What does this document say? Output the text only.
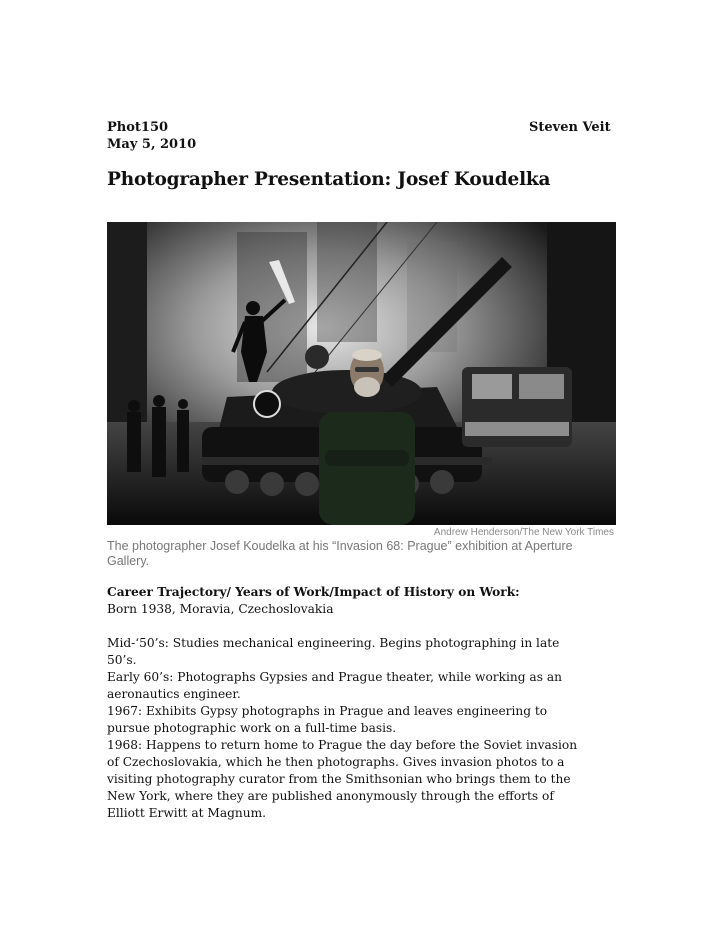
Phot150
May 5, 2010
Steven Veit
Photographer Presentation: Josef Koudelka
Andrew Henderson/The New York Times
The photographer Josef Koudelka at his “Invasion 68: Prague” exhibition at Aperture Gallery.
Career Trajectory/ Years of Work/Impact of History on Work:
Born 1938, Moravia, Czechoslovakia
Mid-‘50’s: Studies mechanical engineering. Begins photographing in late 50’s.
Early 60’s: Photographs Gypsies and Prague theater, while working as an aeronautics engineer.
1967: Exhibits Gypsy photographs in Prague and leaves engineering to pursue photographic work on a full-time basis.
1968: Happens to return home to Prague the day before the Soviet invasion of Czechoslovakia, which he then photographs. Gives invasion photos to a visiting photography curator from the Smithsonian who brings them to the New York, where they are published anonymously through the efforts of Elliott Erwitt at Magnum.
